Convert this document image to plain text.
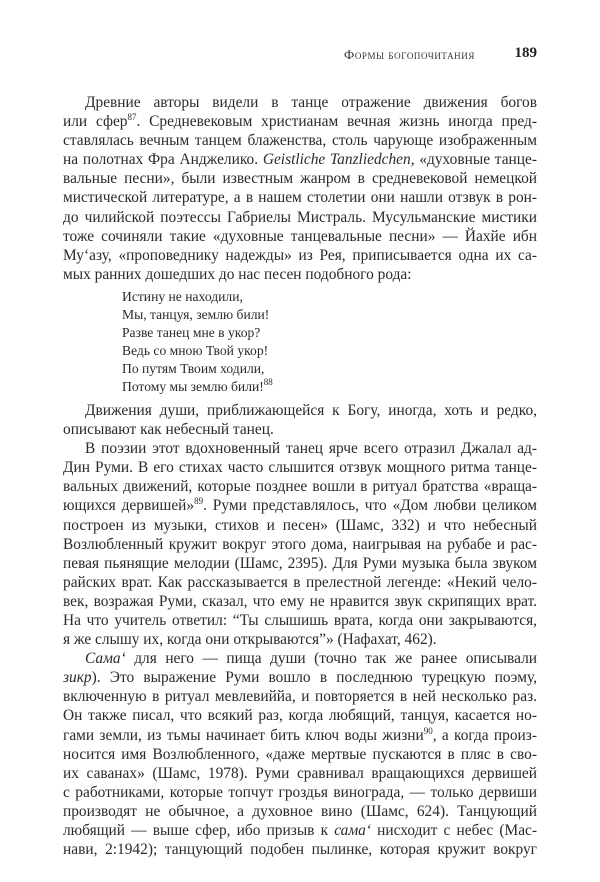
Формы богопочитания	189
Древние авторы видели в танце отражение движения богов
или сфер$^{87}$. Средневековым христианам вечная жизнь иногда пред-
ставлялась вечным танцем блаженства, столь чарующе изображенным
на полотнах Фра Анджелико. Geistliche Tanzliedchen, «духовные танце-
вальные песни», были известным жанром в средневековой немецкой
мистической литературе, а в нашем столетии они нашли отзвук в рон-
до чилийской поэтессы Габриелы Мистраль. Мусульманские мистики
тоже сочиняли такие «духовные танцевальные песни» — Йахйе ибн
Му‘азу, «проповеднику надежды» из Рея, приписывается одна их са-
мых ранних дошедших до нас песен подобного рода:
Истину не находили,
Мы, танцуя, землю били!
Разве танец мне в укор?
Ведь со мною Твой укор!
По путям Твоим ходили,
Потому мы землю били!$^{88}$
Движения души, приближающейся к Богу, иногда, хоть и редко,
описывают как небесный танец.
В поэзии этот вдохновенный танец ярче всего отразил Джалал ад-
Дин Руми. В его стихах часто слышится отзвук мощного ритма танце-
вальных движений, которые позднее вошли в ритуал братства «враща-
ющихся дервишей»$^{89}$. Руми представлялось, что «Дом любви целиком
построен из музыки, стихов и песен» (Шамс, 332) и что небесный
Возлюбленный кружит вокруг этого дома, наигрывая на рубабе и рас-
певая пьянящие мелодии (Шамс, 2395). Для Руми музыка была звуком
райских врат. Как рассказывается в прелестной легенде: «Некий чело-
век, возражая Руми, сказал, что ему не нравится звук скрипящих врат.
На что учитель ответил: “Ты слышишь врата, когда они закрываются,
я же слышу их, когда они открываются”» (Нафахат, 462).
Сама‘ для него — пища души (точно так же ранее описывали
зикр). Это выражение Руми вошло в последнюю турецкую поэму,
включенную в ритуал мевлевиййа, и повторяется в ней несколько раз.
Он также писал, что всякий раз, когда любящий, танцуя, касается но-
гами земли, из тьмы начинает бить ключ воды жизни$^{90}$, а когда произ-
носится имя Возлюбленного, «даже мертвые пускаются в пляс в сво-
их саванах» (Шамс, 1978). Руми сравнивал вращающихся дервишей
с работниками, которые топчут гроздья винограда, — только дервиши
производят не обычное, а духовное вино (Шамс, 624). Танцующий
любящий — выше сфер, ибо призыв к сама‘ нисходит с небес (Мас-
нави, 2:1942); танцующий подобен пылинке, которая кружит вокруг
